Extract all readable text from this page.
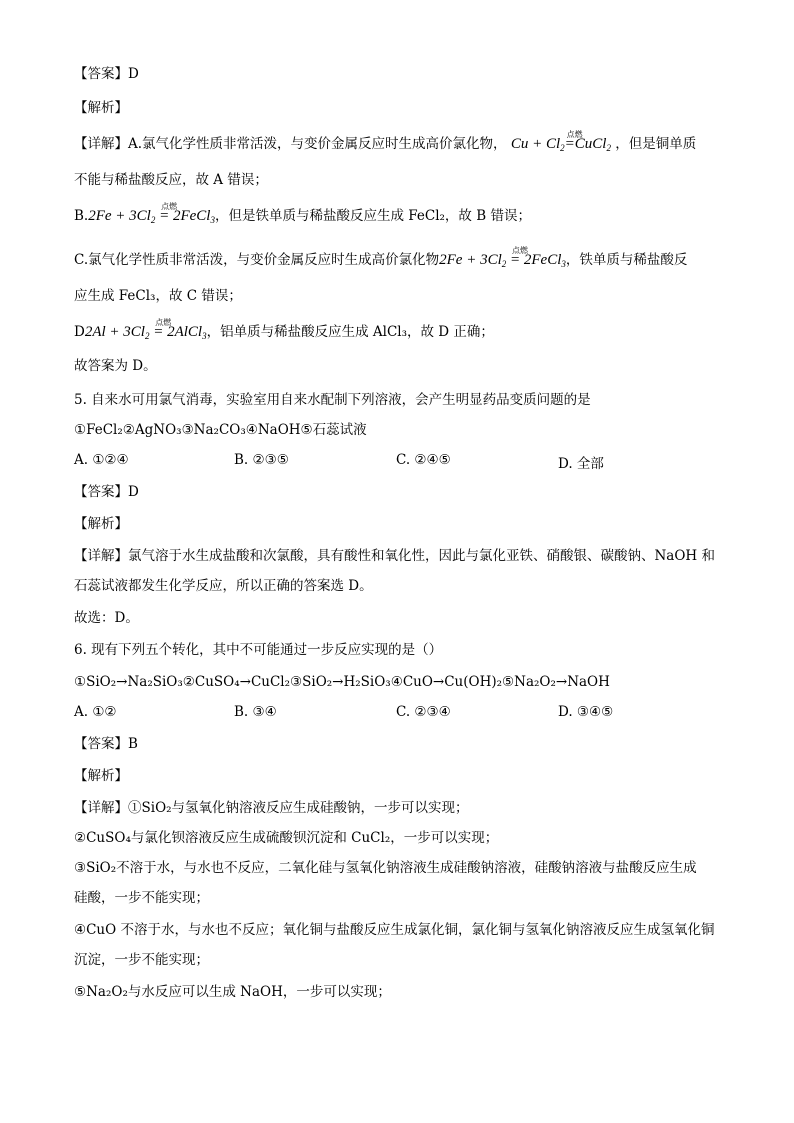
【答案】D
【解析】
【详解】A.氯气化学性质非常活泼，与变价金属反应时生成高价氯化物， $Cu + Cl_2=$
点燃
CuCl$_2$ ，但是铜单质
不能与稀盐酸反应，故 A 错误；
$B.2Fe + 3Cl_2$ =
点燃
2FeCl$_3$，但是铁单质与稀盐酸反应生成 FeCl₂，故 B 错误；
C.氯气化学性质非常活泼，与变价金属反应时生成高价氯化物$2Fe + 3Cl_2$ =
点燃
2FeCl$_3$，铁单质与稀盐酸反
应生成 FeCl₃，故 C 错误；
$D2Al + 3Cl_2$ =
点燃
2AlCl$_3$，铝单质与稀盐酸反应生成 AlCl₃，故 D 正确；
故答案为 D。
5. 自来水可用氯气消毒，实验室用自来水配制下列溶液，会产生明显药品变质问题的是
①FeCl₂②AgNO₃③Na₂CO₃④NaOH⑤石蕊试液
A. ①②④	B. ②③⑤	C. ②④⑤	D. 全部
【答案】D
【解析】
【详解】氯气溶于水生成盐酸和次氯酸，具有酸性和氧化性，因此与氯化亚铁、硝酸银、碳酸钠、NaOH 和
石蕊试液都发生化学反应，所以正确的答案选 D。
故选：D。
6. 现有下列五个转化，其中不可能通过一步反应实现的是（）
①SiO₂→Na₂SiO₃②CuSO₄→CuCl₂③SiO₂→H₂SiO₃④CuO→Cu(OH)₂⑤Na₂O₂→NaOH
A. ①②	B. ③④	C. ②③④	D. ③④⑤
【答案】B
【解析】
【详解】①SiO₂与氢氧化钠溶液反应生成硅酸钠，一步可以实现；
②CuSO₄与氯化钡溶液反应生成硫酸钡沉淀和 CuCl₂，一步可以实现；
③SiO₂不溶于水，与水也不反应，二氧化硅与氢氧化钠溶液生成硅酸钠溶液，硅酸钠溶液与盐酸反应生成
硅酸，一步不能实现；
④CuO 不溶于水，与水也不反应；氧化铜与盐酸反应生成氯化铜，氯化铜与氢氧化钠溶液反应生成氢氧化铜
沉淀，一步不能实现；
⑤Na₂O₂与水反应可以生成 NaOH，一步可以实现；
